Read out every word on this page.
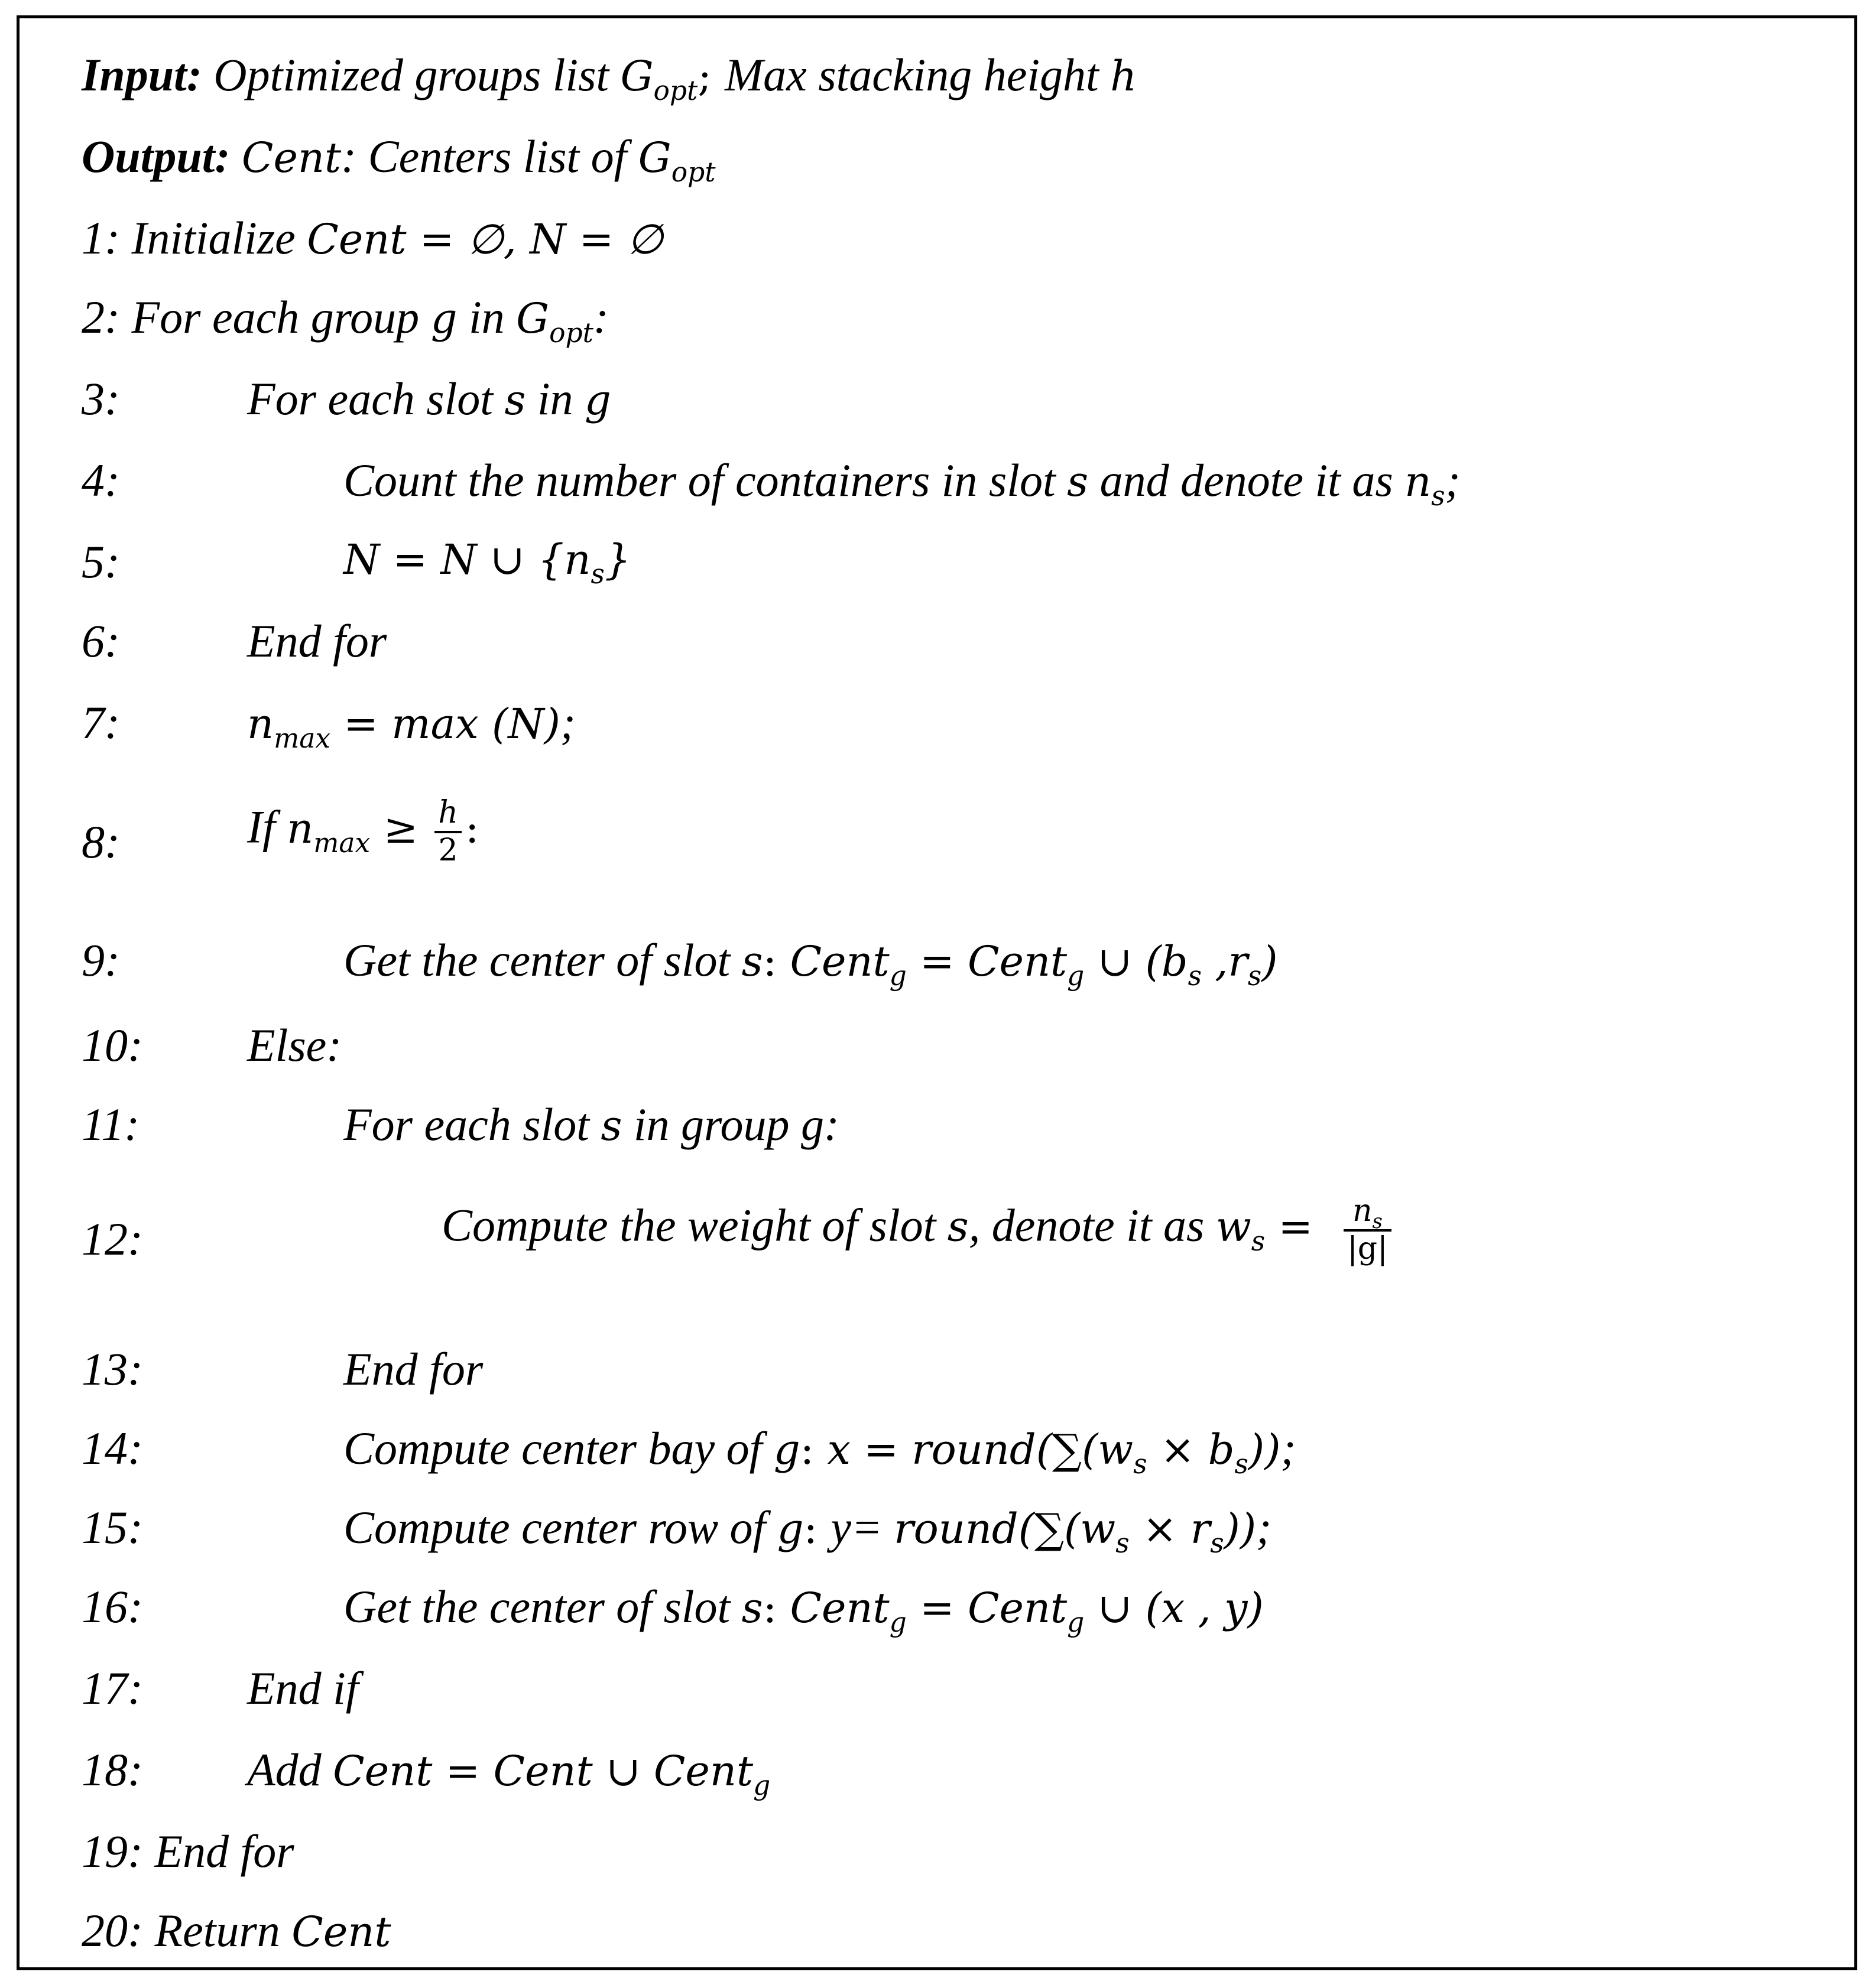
Input: Optimized groups list $G_{opt}$; Max stacking height h
Output: Cent: Centers list of $G_{opt}$
1: Initialize Cent = ∅, N = ∅
2: For each group g in $G_{opt}$:
3:	For each slot s in g
4:	Count the number of containers in slot s and denote it as $n_s$;
5:	N = N ∪ $\{n_s\}$
6:	End for
7:	$n_{max} = \max (N)$;
8:	If $n_{max} \ge \frac{h}{2}$ :
9:	Get the center of slot s: Cent$_g$ = Cent$_g$ ∪ ($b_s$ $,r_s$)
10: Else:
11:	For each slot s in group g:
12:	Compute the weight of slot s, denote it as $w_s = \frac{n_s}{|g|}$
13:	End for
14:	Compute center bay of g: $x = round(\sum(w_s \times b_s))$;
15:	Compute center row of g: $y= round(\sum(w_s \times r_s))$;
16:	Get the center of slot s: Cent$_g$ = Cent$_g$ ∪ (x , y)
17: End if
18: Add Cent = Cent ∪ Cent$_g$
19: End for
20: Return Cent
